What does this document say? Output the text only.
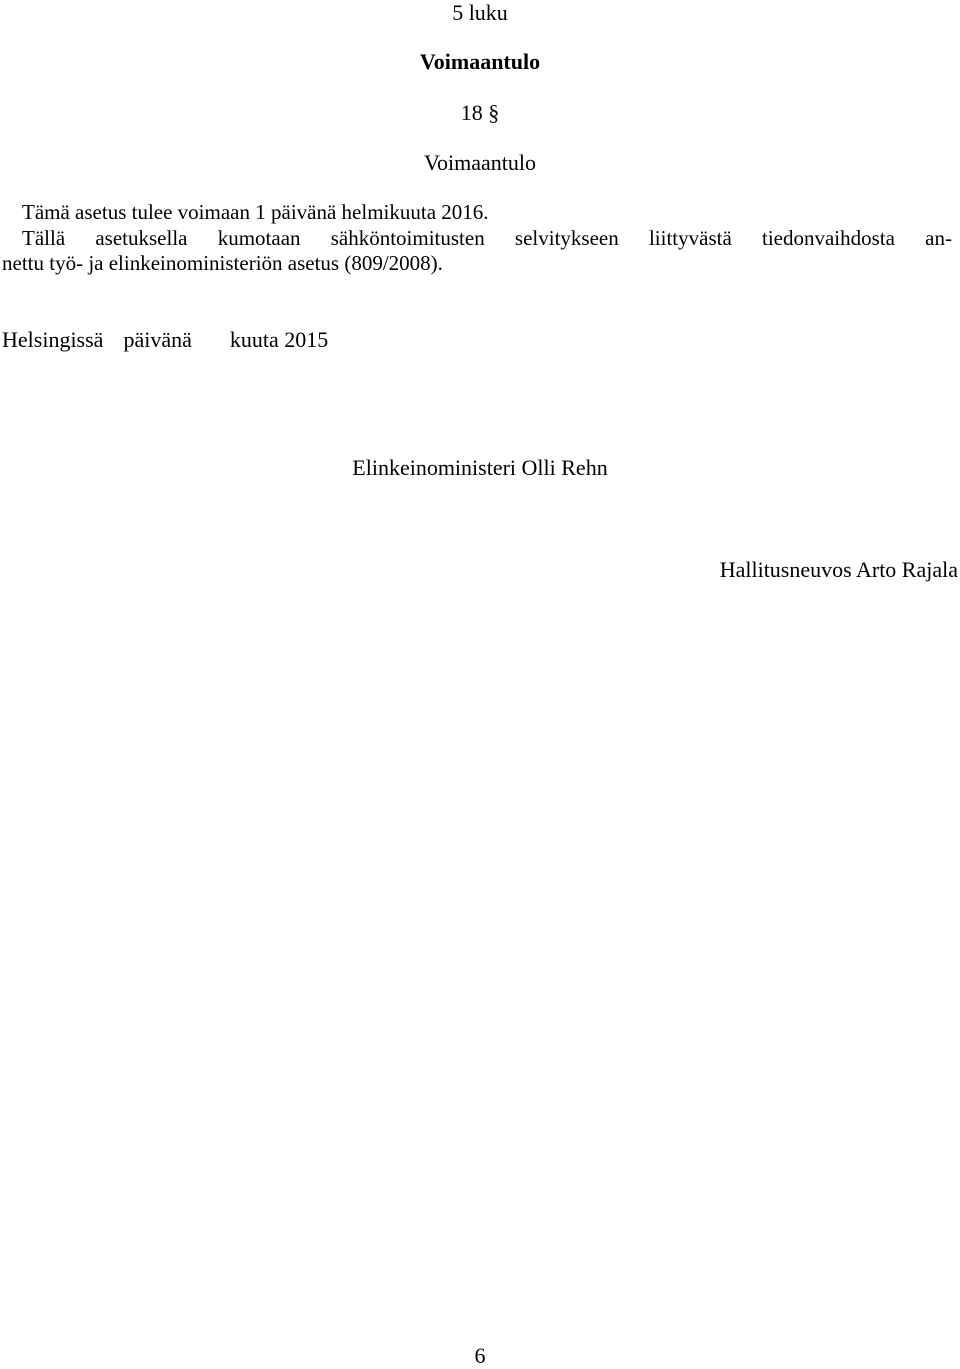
5 luku

Voimaantulo

18 §

Voimaantulo

Tämä asetus tulee voimaan 1 päivänä helmikuuta 2016.
Tällä asetuksella kumotaan sähköntoimitusten selvitykseen liittyvästä tiedonvaihdosta an-
nettu työ- ja elinkeinoministeriön asetus (809/2008).

Helsingissä päivänä kuuta 2015

Elinkeinoministeri Olli Rehn

Hallitusneuvos Arto Rajala

6
